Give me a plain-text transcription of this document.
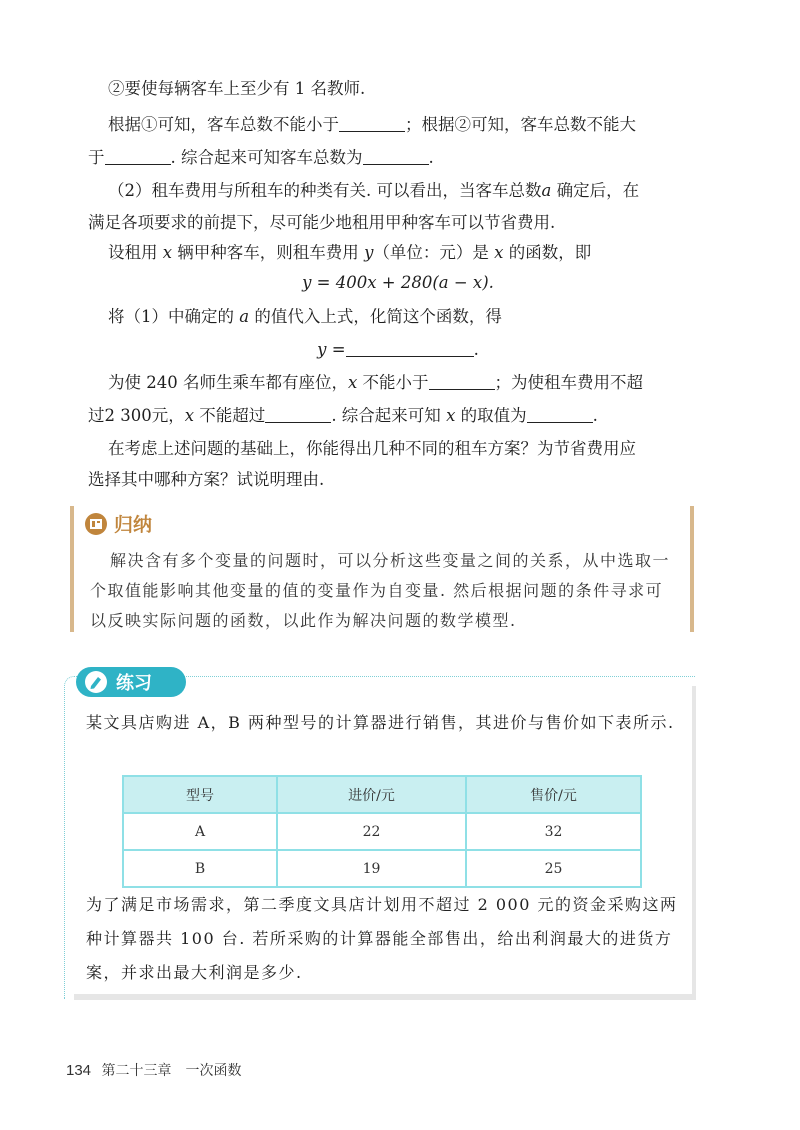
②要使每辆客车上至少有 1 名教师.

根据①可知，客车总数不能小于	；根据②可知，客车总数不能大

于	. 综合起来可知客车总数为	.

（2）租车费用与所租车的种类有关. 可以看出，当客车总数a 确定后，在

满足各项要求的前提下，尽可能少地租用甲种客车可以节省费用.

设租用 x 辆甲种客车，则租车费用 y（单位：元）是 x 的函数，即

y = 400x + 280(a − x).

将（1）中确定的 a 的值代入上式，化简这个函数，得

y =	.

为使 240 名师生乘车都有座位，x 不能小于	；为使租车费用不超

过2 300元，x 不能超过	. 综合起来可知 x 的取值为	.

在考虑上述问题的基础上，你能得出几种不同的租车方案？为节省费用应

选择其中哪种方案？试说明理由.

归纳
解决含有多个变量的问题时，可以分析这些变量之间的关系，从中选取一个取值能影响其他变量的值的变量作为自变量. 然后根据问题的条件寻求可以反映实际问题的函数，以此作为解决问题的数学模型.
练习
某文具店购进 A，B 两种型号的计算器进行销售，其进价与售价如下表所示.
型号	进价/元	售价/元
A	22	32
B	19	25
为了满足市场需求，第二季度文具店计划用不超过 2 000 元的资金采购这两种计算器共 100 台. 若所采购的计算器能全部售出，给出利润最大的进货方案，并求出最大利润是多少.
134 第二十三章　一次函数
